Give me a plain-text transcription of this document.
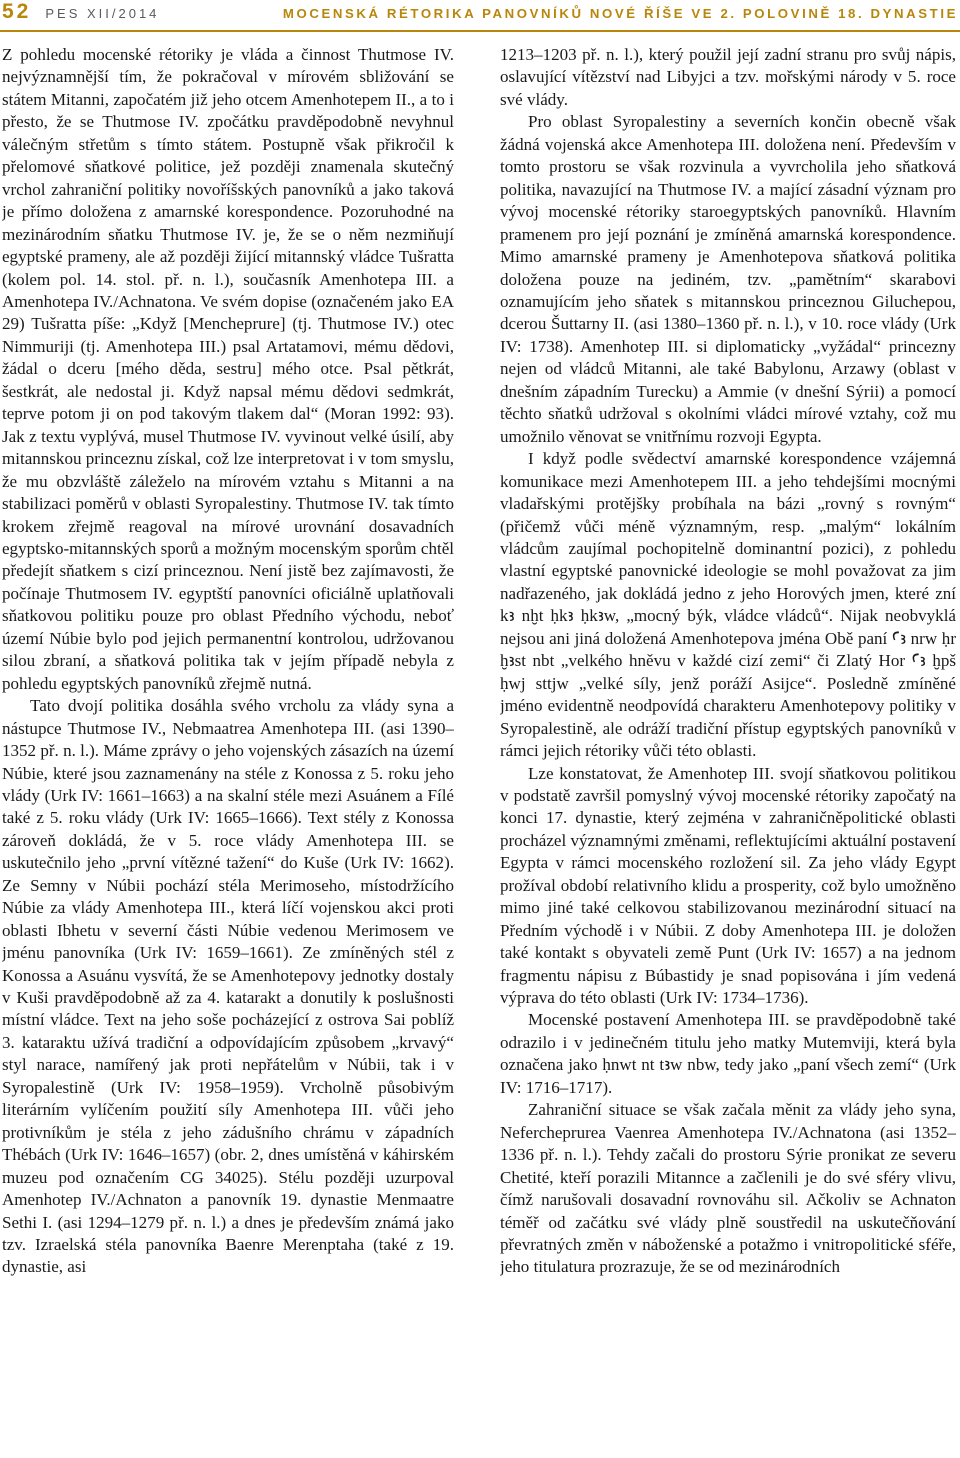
52 PES XII/2014	MOCENSKÁ RÉTORIKA PANOVNÍKŮ NOVÉ ŘÍŠE VE 2. POLOVINĚ 18. DYNASTIE

Z pohledu mocenské rétoriky je vláda a činnost Thutmose IV. nejvýznamnější tím, že pokračoval v mírovém sbližování se státem Mitanni, započatém již jeho otcem Amenhotepem II., a to i přesto, že se Thutmose IV. zpočátku pravděpodobně nevyhnul válečným střetům s tímto státem. Postupně však přikročil k přelomové sňatkové politice, jež později znamenala skutečný vrchol zahraniční politiky novoříšských panovníků a jako taková je přímo doložena z amarnské korespondence. Pozoruhodné na mezinárodním sňatku Thutmose IV. je, že se o něm nezmiňují egyptské prameny, ale až později žijící mitannský vládce Tušratta (kolem pol. 14. stol. př. n. l.), současník Amenhotepa III. a Amenhotepa IV./Achnatona. Ve svém dopise (označeném jako EA 29) Tušratta píše: „Když [Mencheprure] (tj. Thutmose IV.) otec Nimmuriji (tj. Amenhotepa III.) psal Artatamovi, mému dědovi, žádal o dceru [mého děda, sestru] mého otce. Psal pětkrát, šestkrát, ale nedostal ji. Když napsal mému dědovi sedmkrát, teprve potom ji on pod takovým tlakem dal“ (Moran 1992: 93). Jak z textu vyplývá, musel Thutmose IV. vyvinout velké úsilí, aby mitannskou princeznu získal, což lze interpretovat i v tom smyslu, že mu obzvláště záleželo na mírovém vztahu s Mitanni a na stabilizaci poměrů v oblasti Syropalestiny. Thutmose IV. tak tímto krokem zřejmě reagoval na mírové urovnání dosavadních egyptsko-mitannských sporů a možným mocenským sporům chtěl předejít sňatkem s cizí princeznou. Není jistě bez zajímavosti, že počínaje Thutmosem IV. egyptští panovníci oficiálně uplatňovali sňatkovou politiku pouze pro oblast Předního východu, neboť území Núbie bylo pod jejich permanentní kontrolou, udržovanou silou zbraní, a sňatková politika tak v jejím případě nebyla z pohledu egyptských panovníků zřejmě nutná.

Tato dvojí politika dosáhla svého vrcholu za vlády syna a nástupce Thutmose IV., Nebmaatrea Amenhotepa III. (asi 1390–1352 př. n. l.). Máme zprávy o jeho vojenských zásazích na území Núbie, které jsou zaznamenány na stéle z Konossa z 5. roku jeho vlády (Urk IV: 1661–1663) a na skalní stéle mezi Asuánem a Fílé také z 5. roku vlády (Urk IV: 1665–1666). Text stély z Konossa zároveň dokládá, že v 5. roce vlády Amenhotepa III. se uskutečnilo jeho „první vítězné tažení“ do Kuše (Urk IV: 1662). Ze Semny v Núbii pochází stéla Merimoseho, místodržícího Núbie za vlády Amenhotepa III., která líčí vojenskou akci proti oblasti Ibhetu v severní části Núbie vedenou Merimosem ve jménu panovníka (Urk IV: 1659–1661). Ze zmíněných stél z Konossa a Asuánu vysvítá, že se Amenhotepovy jednotky dostaly v Kuši pravděpodobně až za 4. katarakt a donutily k poslušnosti místní vládce. Text na jeho soše pocházející z ostrova Sai poblíž 3. kataraktu užívá tradiční a odpovídajícím způsobem „krvavý“ styl narace, namířený jak proti nepřátelům v Núbii, tak i v Syropalestině (Urk IV: 1958–1959). Vrcholně působivým literárním vylíčením použití síly Amenhotepa III. vůči jeho protivníkům je stéla z jeho zádušního chrámu v západních Thébách (Urk IV: 1646–1657) (obr. 2, dnes umístěná v káhirském muzeu pod označením CG 34025). Stélu později uzurpoval Amenhotep IV./Achnaton a panovník 19. dynastie Menmaatre Sethi I. (asi 1294–1279 př. n. l.) a dnes je především známá jako tzv. Izraelská stéla panovníka Baenre Merenptaha (také z 19. dynastie, asi

1213–1203 př. n. l.), který použil její zadní stranu pro svůj nápis, oslavující vítězství nad Libyjci a tzv. mořskými národy v 5. roce své vlády.

Pro oblast Syropalestiny a severních končin obecně však žádná vojenská akce Amenhotepa III. doložena není. Především v tomto prostoru se však rozvinula a vyvrcholila jeho sňatková politika, navazující na Thutmose IV. a mající zásadní význam pro vývoj mocenské rétoriky staroegyptských panovníků. Hlavním pramenem pro její poznání je zmíněná amarnská korespondence. Mimo amarnské prameny je Amenhotepova sňatková politika doložena pouze na jediném, tzv. „pamětním“ skarabovi oznamujícím jeho sňatek s mitannskou princeznou Giluchepou, dcerou Šuttarny II. (asi 1380–1360 př. n. l.), v 10. roce vlády (Urk IV: 1738). Amenhotep III. si diplomaticky „vyžádal“ princezny nejen od vládců Mitanni, ale také Babylonu, Arzawy (oblast v dnešním západním Turecku) a Ammie (v dnešní Sýrii) a pomocí těchto sňatků udržoval s okolními vládci mírové vztahy, což mu umožnilo věnovat se vnitřnímu rozvoji Egypta.

I když podle svědectví amarnské korespondence vzájemná komunikace mezi Amenhotepem III. a jeho tehdejšími mocnými vladařskými protějšky probíhala na bázi „rovný s rovným“ (přičemž vůči méně významným, resp. „malým“ lokálním vládcům zaujímal pochopitelně dominantní pozici), z pohledu vlastní egyptské panovnické ideologie se mohl považovat za jim nadřazeného, jak dokládá jedno z jeho Horových jmen, které zní kꜣ nḫt ḥkꜣ ḥkꜣw, „mocný býk, vládce vládců“. Nijak neobvyklá nejsou ani jiná doložená Amenhotepova jména Obě paní Ꜥꜣ nrw ḥr ḫꜣst nbt „velkého hněvu v každé cizí zemi“ či Zlatý Hor Ꜥꜣ ḫpš ḥwj sttjw „velké síly, jenž poráží Asijce“. Posledně zmíněné jméno evidentně neodpovídá charakteru Amenhotepovy politiky v Syropalestině, ale odráží tradiční přístup egyptských panovníků v rámci jejich rétoriky vůči této oblasti.

Lze konstatovat, že Amenhotep III. svojí sňatkovou politikou v podstatě završil pomyslný vývoj mocenské rétoriky započatý na konci 17. dynastie, který zejména v zahraničněpolitické oblasti procházel významnými změnami, reflektujícími aktuální postavení Egypta v rámci mocenského rozložení sil. Za jeho vlády Egypt prožíval období relativního klidu a prosperity, což bylo umožněno mimo jiné také celkovou stabilizovanou mezinárodní situací na Předním východě i v Núbii. Z doby Amenhotepa III. je doložen také kontakt s obyvateli země Punt (Urk IV: 1657) a na jednom fragmentu nápisu z Búbastidy je snad popisována i jím vedená výprava do této oblasti (Urk IV: 1734–1736).

Mocenské postavení Amenhotepa III. se pravděpodobně také odrazilo i v jedinečném titulu jeho matky Mutemviji, která byla označena jako ḥnwt nt tꜣw nbw, tedy jako „paní všech zemí“ (Urk IV: 1716–1717).

Zahraniční situace se však začala měnit za vlády jeho syna, Nefercheprurea Vaenrea Amenhotepa IV./Achnatona (asi 1352–1336 př. n. l.). Tehdy začali do prostoru Sýrie pronikat ze severu Chetité, kteří porazili Mitannce a začlenili je do své sféry vlivu, čímž narušovali dosavadní rovnováhu sil. Ačkoliv se Achnaton téměř od začátku své vlády plně soustředil na uskutečňování převratných změn v náboženské a potažmo i vnitropolitické sféře, jeho titulatura prozrazuje, že se od mezinárodních
